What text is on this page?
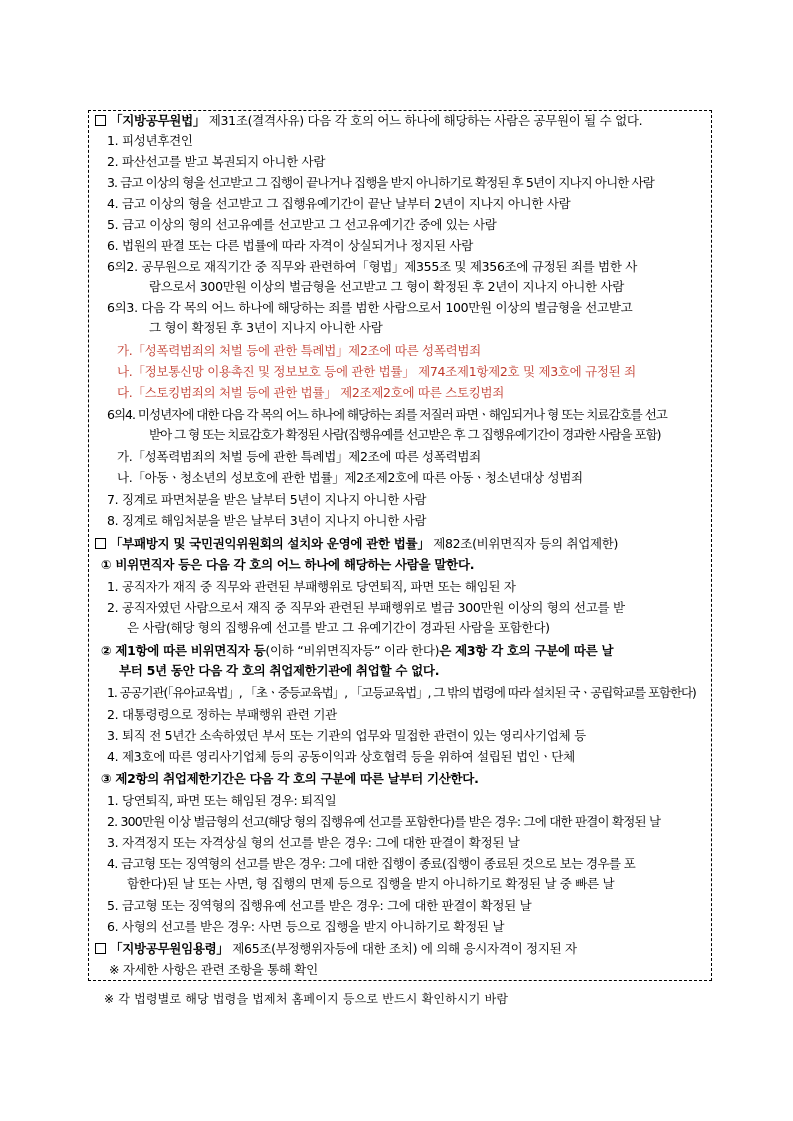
「지방공무원법」 제31조(결격사유) 다음 각 호의 어느 하나에 해당하는 사람은 공무원이 될 수 없다.
1. 피성년후견인
2. 파산선고를 받고 복권되지 아니한 사람
3. 금고 이상의 형을 선고받고 그 집행이 끝나거나 집행을 받지 아니하기로 확정된 후 5년이 지나지 아니한 사람
4. 금고 이상의 형을 선고받고 그 집행유예기간이 끝난 날부터 2년이 지나지 아니한 사람
5. 금고 이상의 형의 선고유예를 선고받고 그 선고유예기간 중에 있는 사람
6. 법원의 판결 또는 다른 법률에 따라 자격이 상실되거나 정지된 사람
6의2. 공무원으로 재직기간 중 직무와 관련하여「형법」제355조 및 제356조에 규정된 죄를 범한 사
람으로서 300만원 이상의 벌금형을 선고받고 그 형이 확정된 후 2년이 지나지 아니한 사람
6의3. 다음 각 목의 어느 하나에 해당하는 죄를 범한 사람으로서 100만원 이상의 벌금형을 선고받고
그 형이 확정된 후 3년이 지나지 아니한 사람
가.「성폭력범죄의 처벌 등에 관한 특례법」제2조에 따른 성폭력범죄
나.「정보통신망 이용촉진 및 정보보호 등에 관한 법률」 제74조제1항제2호 및 제3호에 규정된 죄
다.「스토킹범죄의 처벌 등에 관한 법률」 제2조제2호에 따른 스토킹범죄
6의4. 미성년자에 대한 다음 각 목의 어느 하나에 해당하는 죄를 저질러 파면ㆍ해임되거나 형 또는 치료감호를 선고
받아 그 형 또는 치료감호가 확정된 사람(집행유예를 선고받은 후 그 집행유예기간이 경과한 사람을 포함)
가.「성폭력범죄의 처벌 등에 관한 특례법」제2조에 따른 성폭력범죄
나.「아동ㆍ청소년의 성보호에 관한 법률」제2조제2호에 따른 아동ㆍ청소년대상 성범죄
7. 징계로 파면처분을 받은 날부터 5년이 지나지 아니한 사람
8. 징계로 해임처분을 받은 날부터 3년이 지나지 아니한 사람
「부패방지 및 국민권익위원회의 설치와 운영에 관한 법률」 제82조(비위면직자 등의 취업제한)
① 비위면직자 등은 다음 각 호의 어느 하나에 해당하는 사람을 말한다.
1. 공직자가 재직 중 직무와 관련된 부패행위로 당연퇴직, 파면 또는 해임된 자
2. 공직자였던 사람으로서 재직 중 직무와 관련된 부패행위로 벌금 300만원 이상의 형의 선고를 받
은 사람(해당 형의 집행유예 선고를 받고 그 유예기간이 경과된 사람을 포함한다)
② 제1항에 따른 비위면직자 등(이하 “비위면직자등” 이라 한다)은 제3항 각 호의 구분에 따른 날
부터 5년 동안 다음 각 호의 취업제한기관에 취업할 수 없다.
1. 공공기관(「유아교육법」, 「초ㆍ중등교육법」, 「고등교육법」, 그 밖의 법령에 따라 설치된 국ㆍ공립학교를 포함한다)
2. 대통령령으로 정하는 부패행위 관련 기관
3. 퇴직 전 5년간 소속하였던 부서 또는 기관의 업무와 밀접한 관련이 있는 영리사기업체 등
4. 제3호에 따른 영리사기업체 등의 공동이익과 상호협력 등을 위하여 설립된 법인ㆍ단체
③ 제2항의 취업제한기간은 다음 각 호의 구분에 따른 날부터 기산한다.
1. 당연퇴직, 파면 또는 해임된 경우: 퇴직일
2. 300만원 이상 벌금형의 선고(해당 형의 집행유예 선고를 포함한다)를 받은 경우: 그에 대한 판결이 확정된 날
3. 자격정지 또는 자격상실 형의 선고를 받은 경우: 그에 대한 판결이 확정된 날
4. 금고형 또는 징역형의 선고를 받은 경우: 그에 대한 집행이 종료(집행이 종료된 것으로 보는 경우를 포
함한다)된 날 또는 사면, 형 집행의 면제 등으로 집행을 받지 아니하기로 확정된 날 중 빠른 날
5. 금고형 또는 징역형의 집행유예 선고를 받은 경우: 그에 대한 판결이 확정된 날
6. 사형의 선고를 받은 경우: 사면 등으로 집행을 받지 아니하기로 확정된 날
「지방공무원임용령」 제65조(부정행위자등에 대한 조치) 에 의해 응시자격이 정지된 자
※ 자세한 사항은 관련 조항을 통해 확인
※ 각 법령별로 해당 법령을 법제처 홈페이지 등으로 반드시 확인하시기 바람
